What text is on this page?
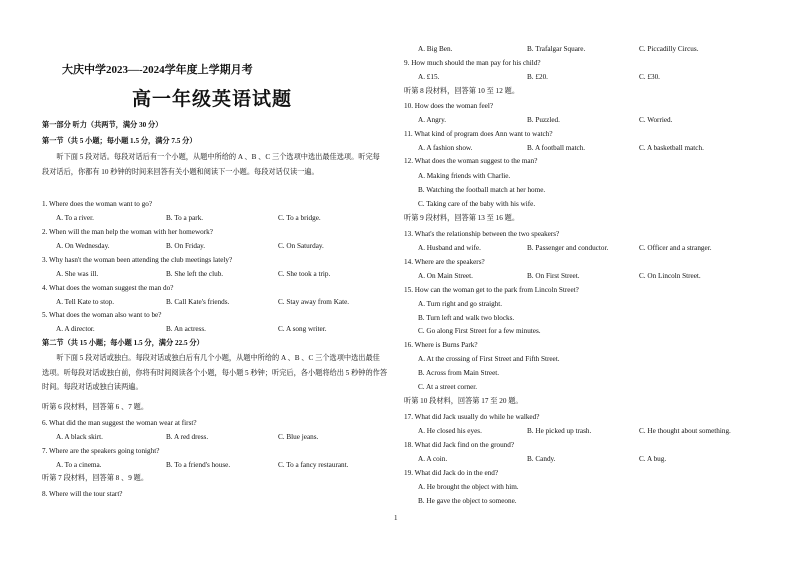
大庆中学2023—-2024学年度上学期月考
高一年级英语试题
第一部分 听力（共两节，满分 30 分）
第一节（共 5 小题；每小题 1.5 分，满分 7.5 分）
听下面 5 段对话。每段对话后有一个小题，从题中所给的 A 、B 、C 三个选项中选出最佳选项。听完每段对话后，你都有 10 秒钟的时间来回答有关小题和阅读下一小题。每段对话仅读一遍。
1. Where does the woman want to go?
A. To a river.	B. To a park.	C. To a bridge.
2. When will the man help the woman with her homework?
A. On Wednesday.	B. On Friday.	C. On Saturday.
3. Why hasn't the woman been attending the club meetings lately?
A. She was ill.	B. She left the club.	C. She took a trip.
4. What does the woman suggest the man do?
A. Tell Kate to stop.	B. Call Kate's friends.	C. Stay away from Kate.
5. What does the woman also want to be?
A. A director.	B. An actress.	C. A song writer.
第二节（共 15 小题；每小题 1.5 分，满分 22.5 分）
听下面 5 段对话或独白。每段对话或独白后有几个小题，从题中所给的 A 、B 、C 三个选项中选出最佳选项。听每段对话或独白前，你将有时间阅读各个小题，每小题 5 秒钟；听完后，各小题将给出 5 秒钟的作答时间。每段对话或独白读两遍。
听第 6 段材料，回答第 6 、7 题。
6. What did the man suggest the woman wear at first?
A. A black skirt.	B. A red dress.	C. Blue jeans.
7. Where are the speakers going tonight?
A. To a cinema.	B. To a friend's house.	C. To a fancy restaurant.
听第 7 段材料，回答第 8 、9 题。
8. Where will the tour start?
A. Big Ben.	B. Trafalgar Square.	C. Piccadilly Circus.
9. How much should the man pay for his child?
A. £15.	B. £20.	C. £30.
听第 8 段材料，回答第 10 至 12 题。
10. How does the woman feel?
A. Angry.	B. Puzzled.	C. Worried.
11. What kind of program does Ann want to watch?
A. A fashion show.	B. A football match.	C. A basketball match.
12. What does the woman suggest to the man?
A. Making friends with Charlie.
B. Watching the football match at her home.
C. Taking care of the baby with his wife.
听第 9 段材料，回答第 13 至 16 题。
13. What's the relationship between the two speakers?
A. Husband and wife.	B. Passenger and conductor.	C. Officer and a stranger.
14. Where are the speakers?
A. On Main Street.	B. On First Street.	C. On Lincoln Street.
15. How can the woman get to the park from Lincoln Street?
A. Turn right and go straight.
B. Turn left and walk two blocks.
C. Go along First Street for a few minutes.
16. Where is Burns Park?
A. At the crossing of First Street and Fifth Street.
B. Across from Main Street.
C. At a street corner.
听第 10 段材料，回答第 17 至 20 题。
17. What did Jack usually do while he walked?
A. He closed his eyes.	B. He picked up trash.	C. He thought about something.
18. What did Jack find on the ground?
A. A coin.	B. Candy.	C. A bug.
19. What did Jack do in the end?
A. He brought the object with him.
B. He gave the object to someone.
1
